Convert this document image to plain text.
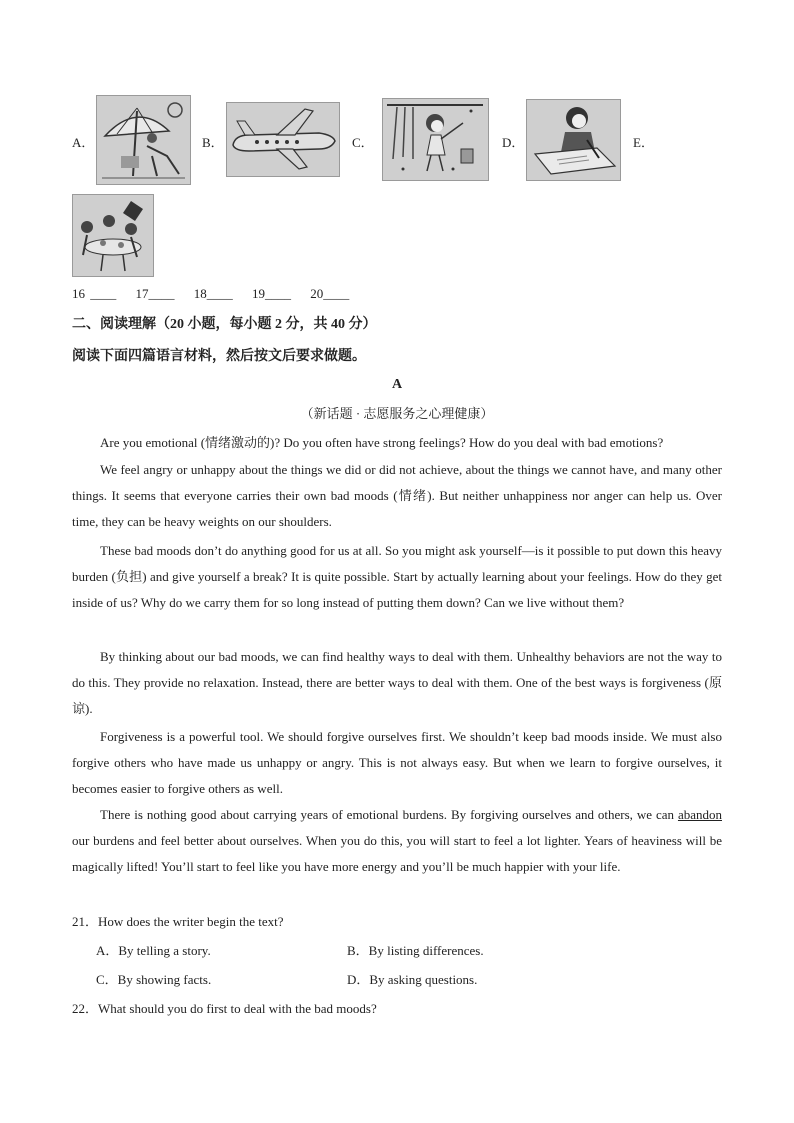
A．	B．	C．	D．	E．
16 ____ 17____ 18____ 19____ 20____
二、阅读理解（20 小题，每小题 2 分，共 40 分）
阅读下面四篇语言材料，然后按文后要求做题。
A
（新话题 · 志愿服务之心理健康）
Are you emotional (情绪激动的)? Do you often have strong feelings? How do you deal with bad emotions?
We feel angry or unhappy about the things we did or did not achieve, about the things we cannot have, and many other things. It seems that everyone carries their own bad moods (情绪). But neither unhappiness nor anger can help us. Over time, they can be heavy weights on our shoulders.
These bad moods don’t do anything good for us at all. So you might ask yourself—is it possible to put down this heavy burden (负担) and give yourself a break? It is quite possible. Start by actually learning about your feelings. How do they get inside of us? Why do we carry them for so long instead of putting them down? Can we live without them?
By thinking about our bad moods, we can find healthy ways to deal with them. Unhealthy behaviors are not the way to do this. They provide no relaxation. Instead, there are better ways to deal with them. One of the best ways is forgiveness (原谅).
Forgiveness is a powerful tool. We should forgive ourselves first. We shouldn’t keep bad moods inside. We must also forgive others who have made us unhappy or angry. This is not always easy. But when we learn to forgive ourselves, it becomes easier to forgive others as well.
There is nothing good about carrying years of emotional burdens. By forgiving ourselves and others, we can abandon our burdens and feel better about ourselves. When you do this, you will start to feel a lot lighter. Years of heaviness will be magically lifted! You’ll start to feel like you have more energy and you’ll be much happier with your life.
21．How does the writer begin the text?
A．By telling a story.	B．By listing differences.
C．By showing facts.	D．By asking questions.
22．What should you do first to deal with the bad moods?
